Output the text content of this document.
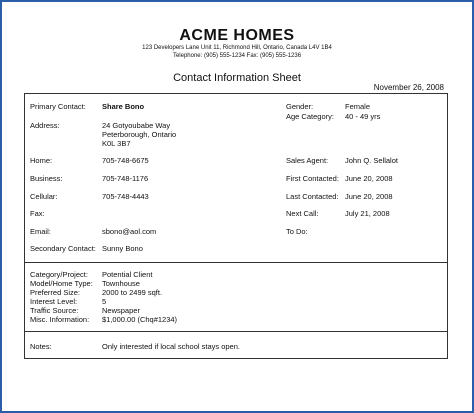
ACME HOMES
123 Developers Lane Unit 11, Richmond Hill, Ontario, Canada L4V 1B4
Telephone: (905) 555-1234 Fax: (905) 555-1236
Contact Information Sheet
November 26, 2008
Primary Contact: Share Bono
Address:	24 Gotyoubabe Way
Peterborough, Ontario
K0L 3B7
Home:	705-748-6675
Business:	705-748-1176
Cellular:	705-748-4443
Fax:
Email:	sbono@aol.com
Secondary Contact: Sunny Bono
Gender:	Female
Age Category: 40 - 49 yrs
Sales Agent: John Q. Sellalot
First Contacted: June 20, 2008
Last Contacted: June 20, 2008
Next Call:	July 21, 2008
To Do:
Category/Project: Potential Client
Model/Home Type: Townhouse
Preferred Size:	2000 to 2499 sqft.
Interest Level:	5
Traffic Source:	Newspaper
Misc. Information: $1,000.00 (Chq#1234)
Notes:	Only interested if local school stays open.
